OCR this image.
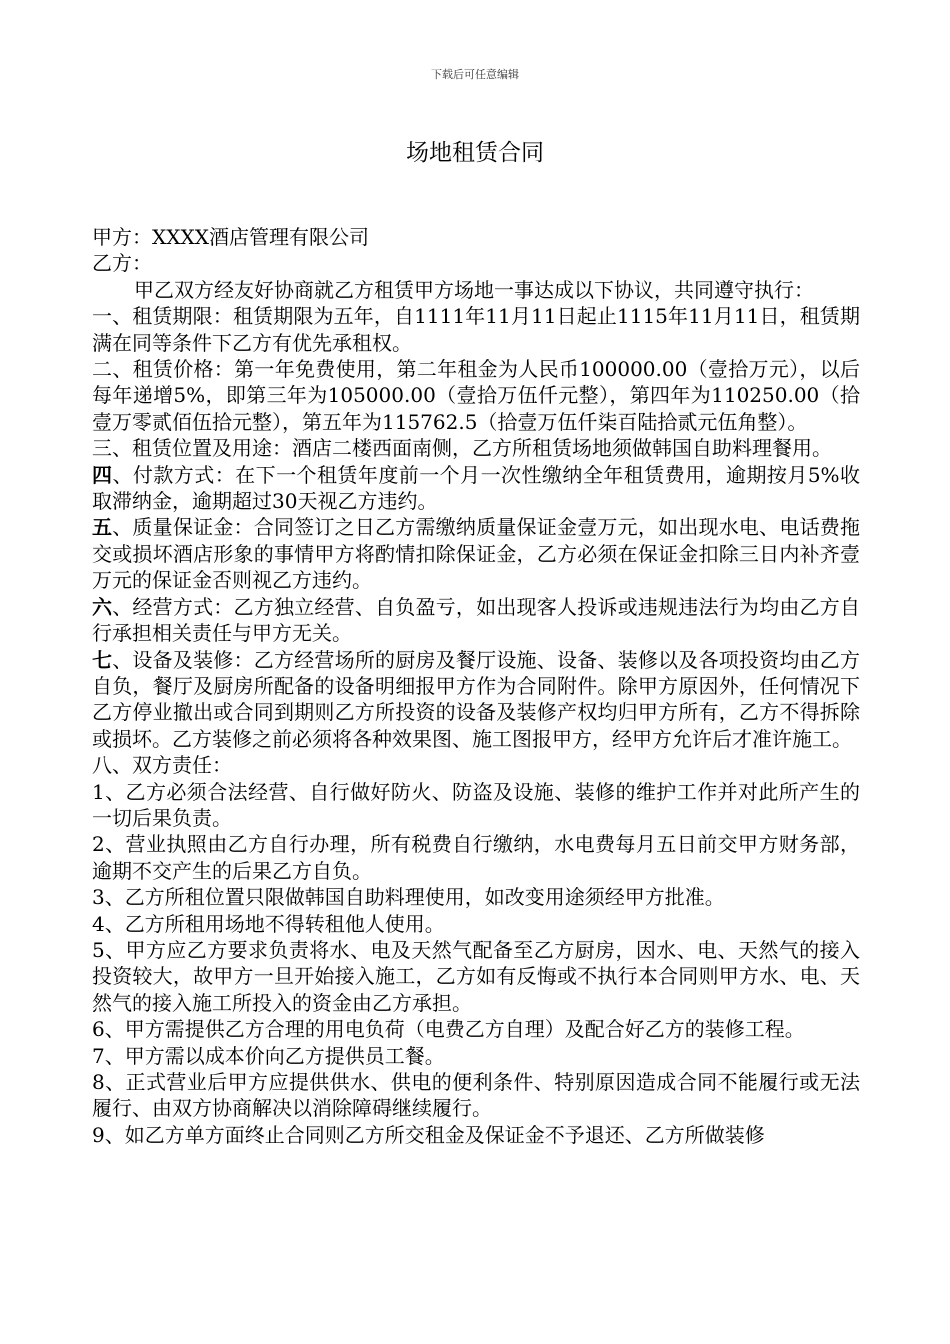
下载后可任意编辑
场地租赁合同

甲方：XXXX酒店管理有限公司

乙方：

甲乙双方经友好协商就乙方租赁甲方场地一事达成以下协议，共同遵守执行：

一、租赁期限：租赁期限为五年，自1111年11月11日起止1115年11月11日，租赁期满在同等条件下乙方有优先承租权。

二、租赁价格：第一年免费使用，第二年租金为人民币100000.00（壹拾万元），以后每年递增5%，即第三年为105000.00（壹拾万伍仟元整），第四年为110250.00（拾壹万零贰佰伍拾元整），第五年为115762.5（拾壹万伍仟柒百陆拾贰元伍角整）。

三、租赁位置及用途：酒店二楼西面南侧，乙方所租赁场地须做韩国自助料理餐用。

四、付款方式：在下一个租赁年度前一个月一次性缴纳全年租赁费用，逾期按月5%收取滞纳金，逾期超过30天视乙方违约。

五、质量保证金：合同签订之日乙方需缴纳质量保证金壹万元，如出现水电、电话费拖交或损坏酒店形象的事情甲方将酌情扣除保证金，乙方必须在保证金扣除三日内补齐壹万元的保证金否则视乙方违约。

六、经营方式：乙方独立经营、自负盈亏，如出现客人投诉或违规违法行为均由乙方自行承担相关责任与甲方无关。

七、设备及装修：乙方经营场所的厨房及餐厅设施、设备、装修以及各项投资均由乙方自负，餐厅及厨房所配备的设备明细报甲方作为合同附件。除甲方原因外，任何情况下乙方停业撤出或合同到期则乙方所投资的设备及装修产权均归甲方所有，乙方不得拆除或损坏。乙方装修之前必须将各种效果图、施工图报甲方，经甲方允许后才准许施工。

八、双方责任：

1、乙方必须合法经营、自行做好防火、防盗及设施、装修的维护工作并对此所产生的一切后果负责。

2、营业执照由乙方自行办理，所有税费自行缴纳，水电费每月五日前交甲方财务部，逾期不交产生的后果乙方自负。

3、乙方所租位置只限做韩国自助料理使用，如改变用途须经甲方批准。

4、乙方所租用场地不得转租他人使用。

5、甲方应乙方要求负责将水、电及天然气配备至乙方厨房，因水、电、天然气的接入投资较大，故甲方一旦开始接入施工，乙方如有反悔或不执行本合同则甲方水、电、天然气的接入施工所投入的资金由乙方承担。

6、甲方需提供乙方合理的用电负荷（电费乙方自理）及配合好乙方的装修工程。

7、甲方需以成本价向乙方提供员工餐。

8、正式营业后甲方应提供供水、供电的便利条件、特别原因造成合同不能履行或无法履行、由双方协商解决以消除障碍继续履行。

9、如乙方单方面终止合同则乙方所交租金及保证金不予退还、乙方所做装修
